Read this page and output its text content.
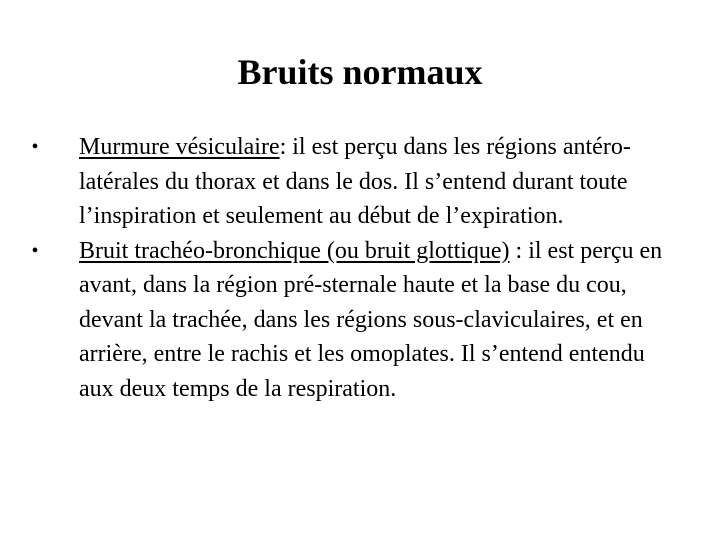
Bruits normaux
• Murmure vésiculaire: il est perçu dans les régions antéro-latérales du thorax et dans le dos. Il s’entend durant toute l’inspiration et seulement au début de l’expiration.
• Bruit trachéo-bronchique (ou bruit glottique) : il est perçu en avant, dans la région pré-sternale haute et la base du cou, devant la trachée, dans les régions sous-claviculaires, et en arrière, entre le rachis et les omoplates. Il s’entend entendu aux deux temps de la respiration.
